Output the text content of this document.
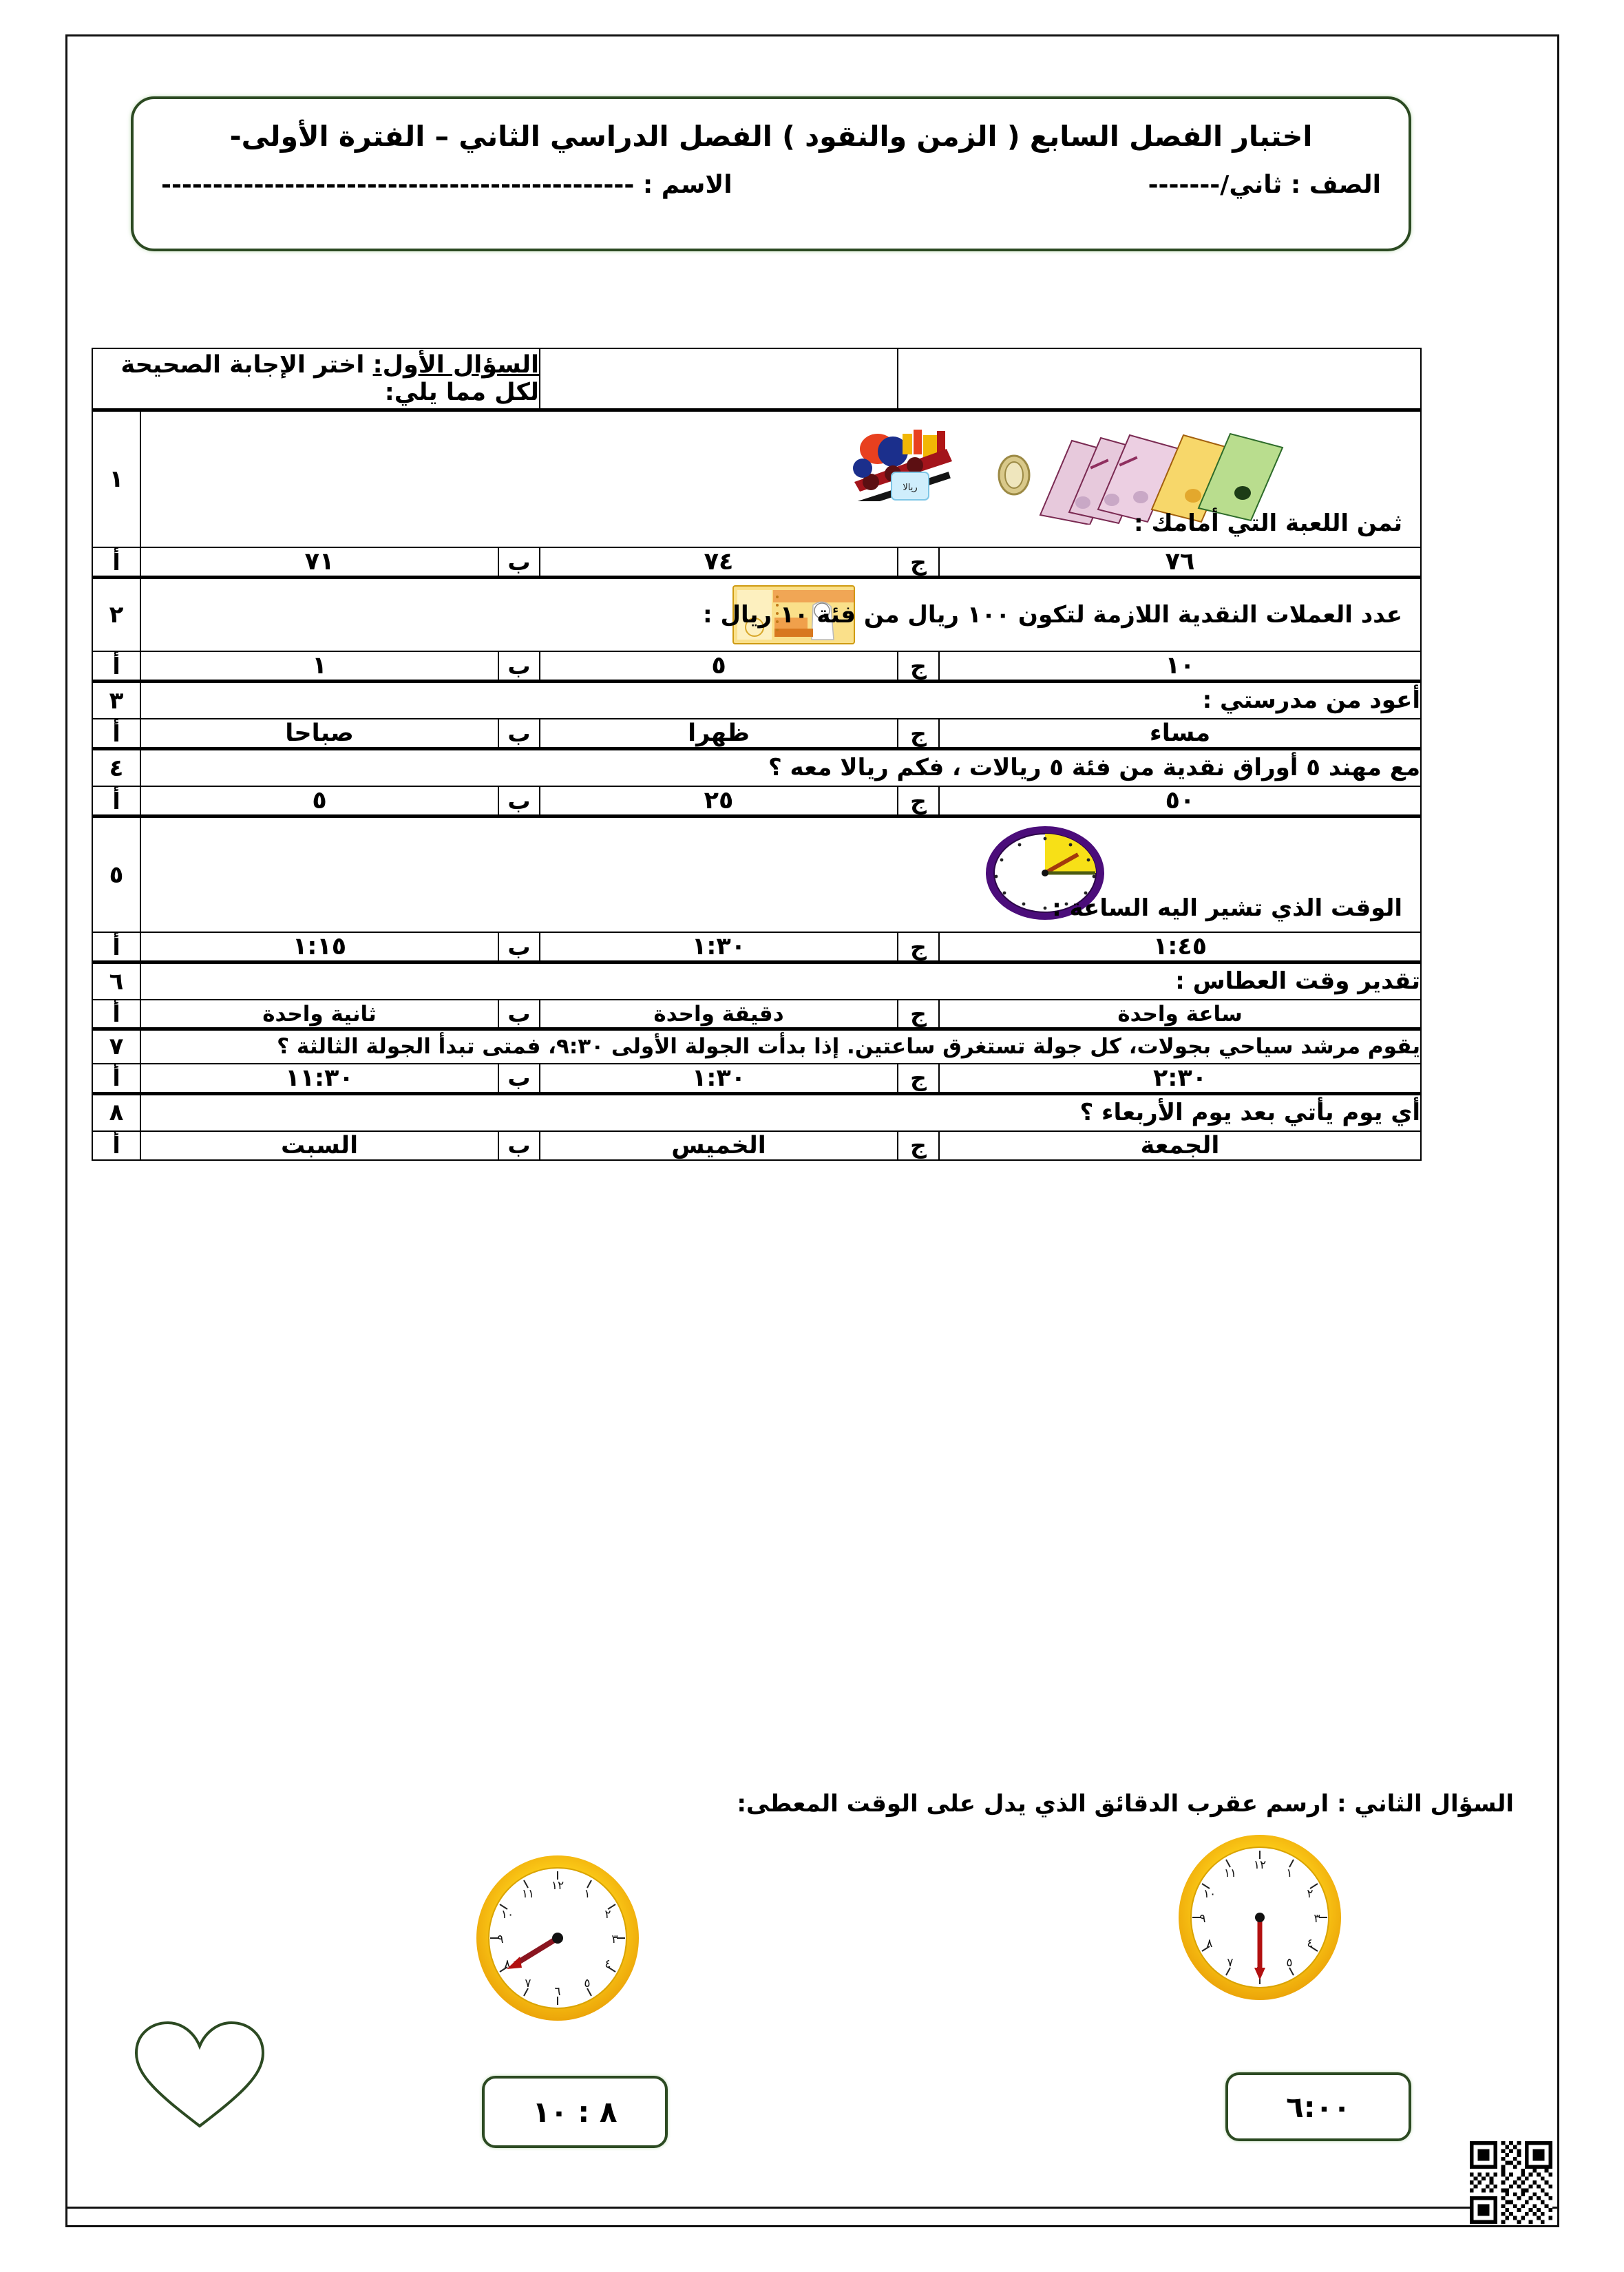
اختبار الفصل السابع ( الزمن والنقود ) الفصل الدراسي الثاني – الفترة الأولى-
الصف : ثاني/-------
الاسم : ----------------------------------------------
			السؤال الأول: اختر الإجابة الصحيحة لكل مما يلي:		

ريالا
ثمن اللعبة التي أمامك :					١
٧٦	ج	٧٤	ب	٧١	أ

عدد العملات النقدية اللازمة لتكون ١٠٠ ريال من فئة ١٠ ريال :					٢
١٠	ج	٥	ب	١	أ
أعود من مدرستي :					٣
مساء	ج	ظهرا	ب	صباحا	أ
مع مهند ٥ أوراق نقدية من فئة ٥ ريالات ، فكم ريالا معه ؟					٤
٥٠	ج	٢٥	ب	٥	أ

الوقت الذي تشير اليه الساعة :					٥
١:٤٥	ج	١:٣٠	ب	١:١٥	أ
تقدير وقت العطاس :					٦
ساعة واحدة	ج	دقيقة واحدة	ب	ثانية واحدة	أ
يقوم مرشد سياحي بجولات، كل جولة تستغرق ساعتين. إذا بدأت الجولة الأولى ٩:٣٠، فمتى تبدأ الجولة الثالثة ؟					٧
٢:٣٠	ج	١:٣٠	ب	١١:٣٠	أ
أي يوم يأتي بعد يوم الأربعاء ؟					٨
الجمعة	ج	الخميس	ب	السبت	أ
السؤال الثاني : ارسم عقرب الدقائق الذي يدل على الوقت المعطى:
١٢
١
٢
٣
٤
٥
٧
٨
٩
١٠
١١
١٢
١
٢
٣
٤
٥
٦
٧
٨
٩
١٠
١١
٦:٠٠
٨ : ١٠
